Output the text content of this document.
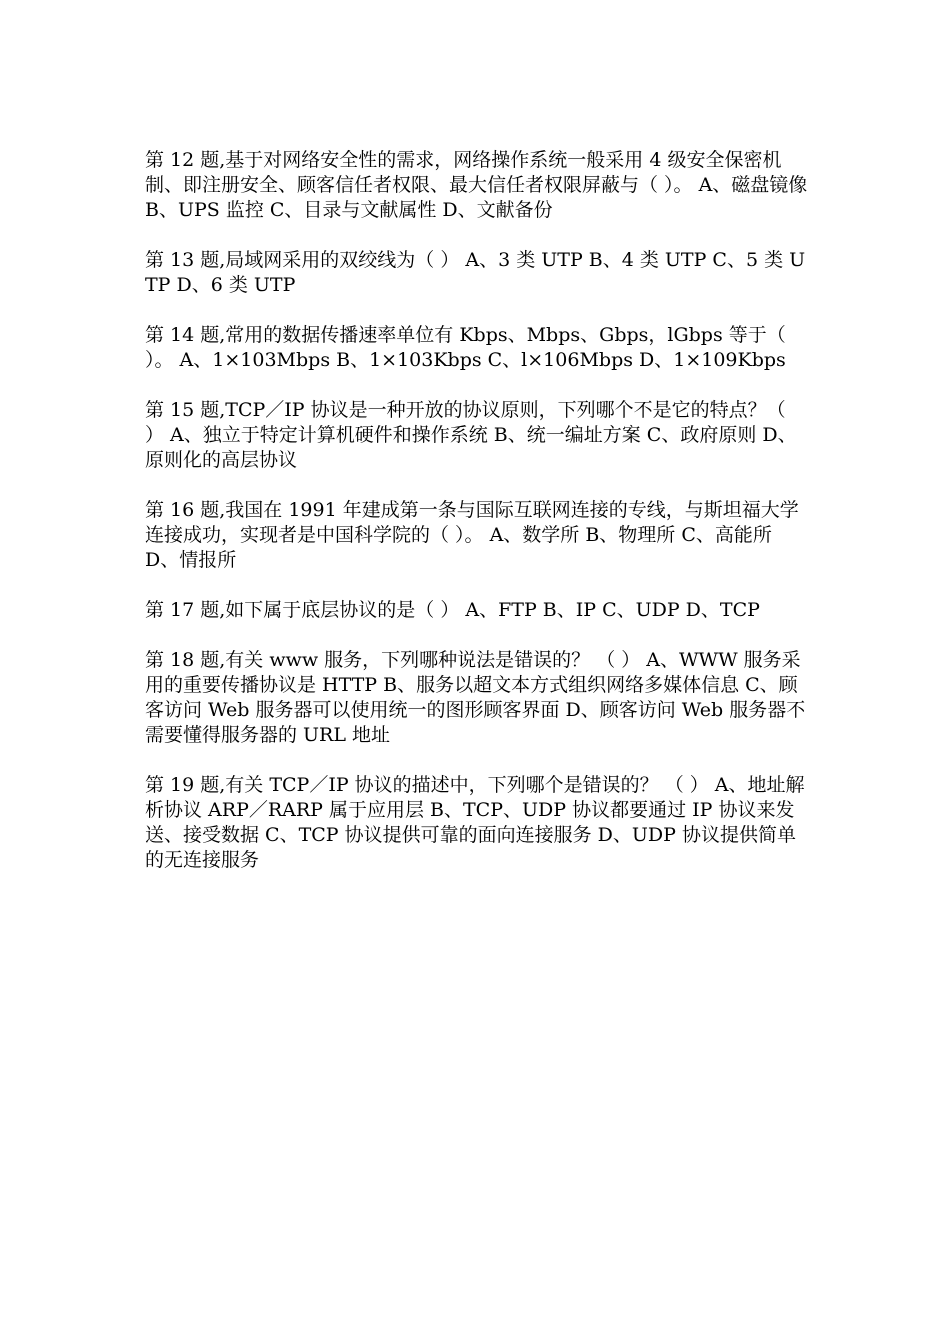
第 12 题,基于对网络安全性的需求，网络操作系统一般采用 4 级安全保密机制、即注册安全、顾客信任者权限、最大信任者权限屏蔽与（ ）。 A、磁盘镜像 B、UPS 监控 C、目录与文献属性 D、文献备份

第 13 题,局域网采用的双绞线为（ ） A、3 类 UTP B、4 类 UTP C、5 类 UTP D、6 类 UTP

第 14 题,常用的数据传播速率单位有 Kbps、Mbps、Gbps，lGbps 等于（ ）。 A、1×103Mbps B、1×103Kbps C、l×106Mbps D、1×109Kbps

第 15 题,TCP／IP 协议是一种开放的协议原则，下列哪个不是它的特点？（ ） A、独立于特定计算机硬件和操作系统 B、统一编址方案 C、政府原则 D、原则化的高层协议

第 16 题,我国在 1991 年建成第一条与国际互联网连接的专线，与斯坦福大学连接成功，实现者是中国科学院的（ ）。 A、数学所 B、物理所 C、高能所 D、情报所

第 17 题,如下属于底层协议的是（ ） A、FTP B、IP C、UDP D、TCP

第 18 题,有关 www 服务，下列哪种说法是错误的？ （ ） A、WWW 服务采用的重要传播协议是 HTTP B、服务以超文本方式组织网络多媒体信息 C、顾客访问 Web 服务器可以使用统一的图形顾客界面 D、顾客访问 Web 服务器不需要懂得服务器的 URL 地址

第 19 题,有关 TCP／IP 协议的描述中，下列哪个是错误的？ （ ） A、地址解析协议 ARP／RARP 属于应用层 B、TCP、UDP 协议都要通过 IP 协议来发送、接受数据 C、TCP 协议提供可靠的面向连接服务 D、UDP 协议提供简单的无连接服务
